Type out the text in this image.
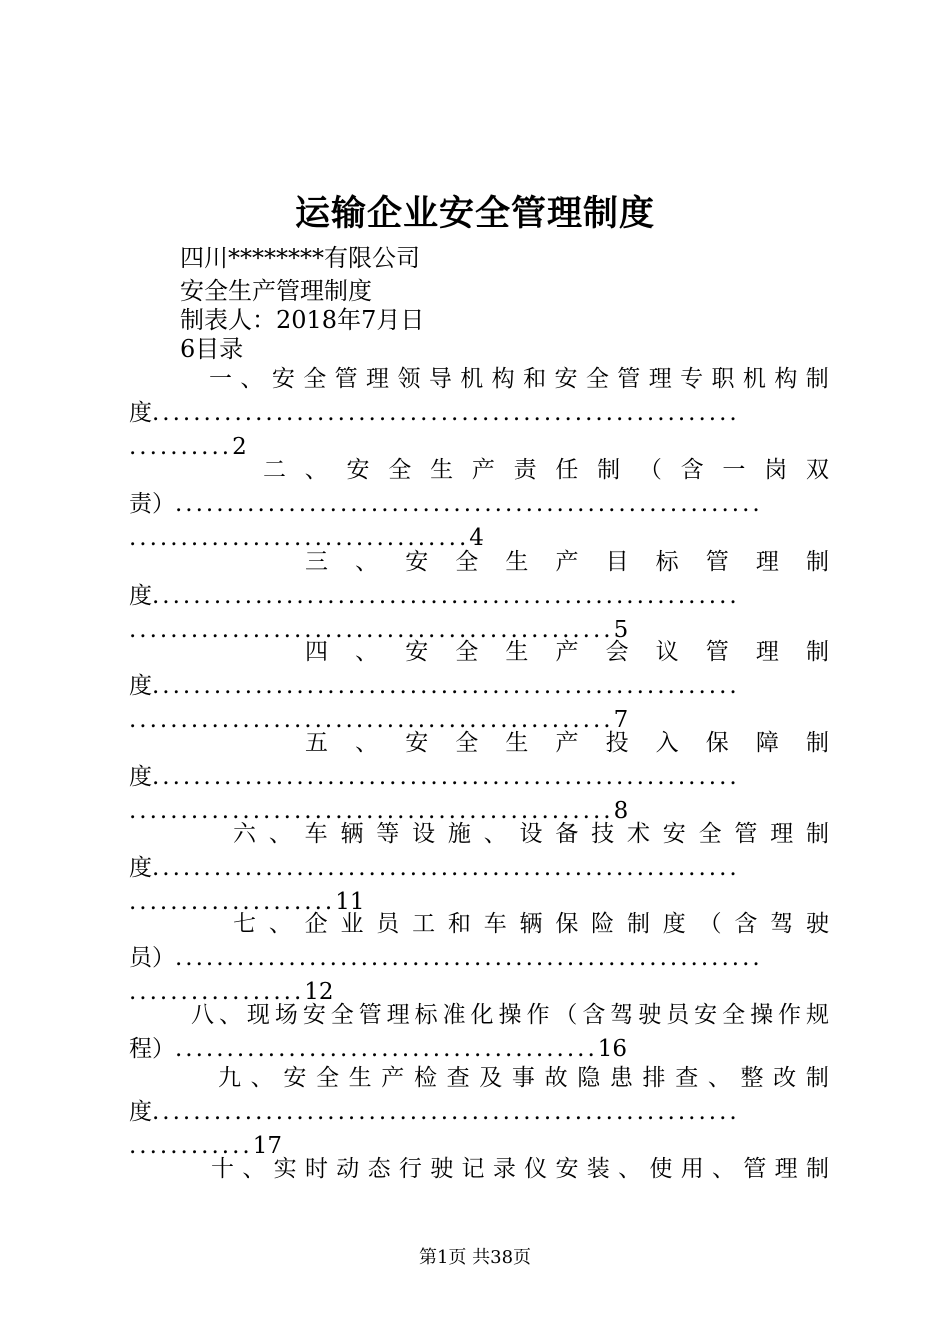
运输企业安全管理制度
四川********有限公司
安全生产管理制度
制表人：2018年7月日
6目录
一 、 安 全 管 理 领 导 机 构 和 安 全 管 理 专 职 机 构 制
度.........................................................
..........2
二 、 安 全 生 产 责 任 制 （ 含 一 岗 双
责）.........................................................
.................................4
三 、 安 全 生 产 目 标 管 理 制
度.........................................................
...............................................5
四 、 安 全 生 产 会 议 管 理 制
度.........................................................
...............................................7
五 、 安 全 生 产 投 入 保 障 制
度.........................................................
...............................................8
六 、 车 辆 等 设 施 、 设 备 技 术 安 全 管 理 制
度.........................................................
....................11
七 、 企 业 员 工 和 车 辆 保 险 制 度 （ 含 驾 驶
员）.........................................................
.................12
八 、 现 场 安 全 管 理 标 准 化 操 作 （ 含 驾 驶 员 安 全 操 作 规
程）.........................................16
九 、 安 全 生 产 检 查 及 事 故 隐 患 排 查 、 整 改 制
度.........................................................
............17
十 、 实 时 动 态 行 驶 记 录 仪 安 装 、 使 用 、 管 理 制
第1页 共38页
